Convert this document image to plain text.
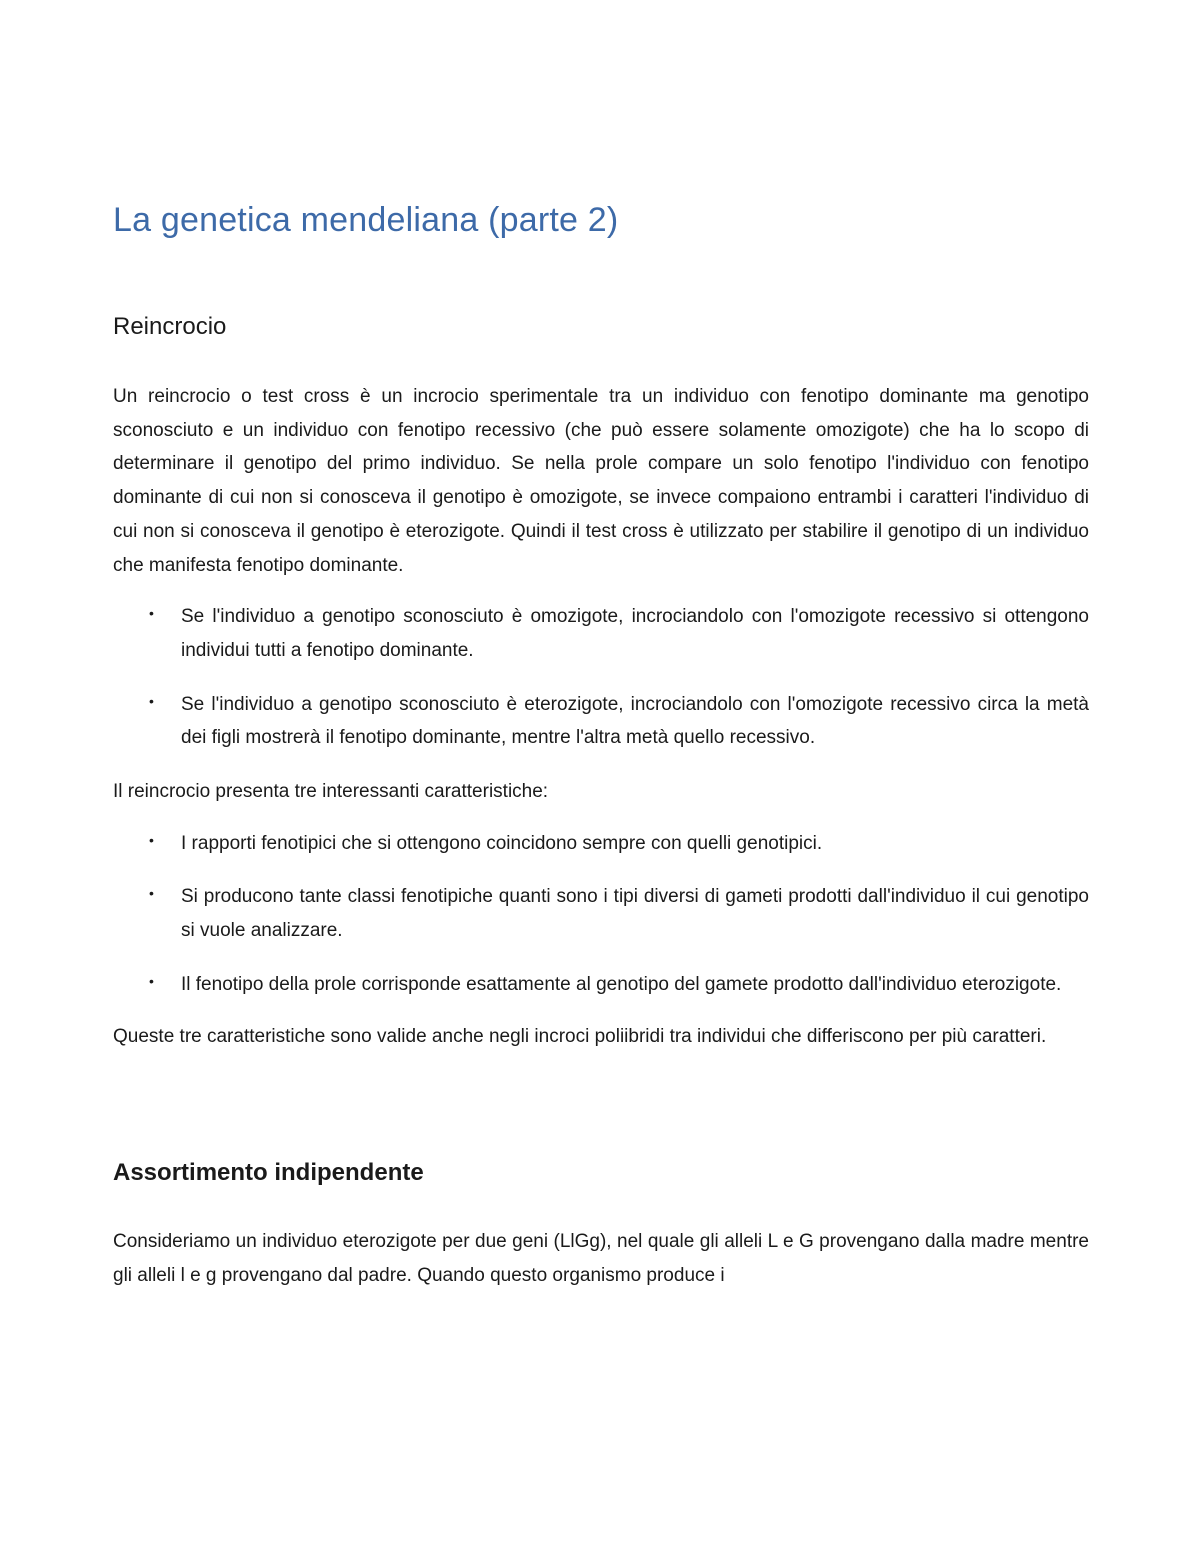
La genetica mendeliana (parte 2)
Reincrocio

Un reincrocio o test cross è un incrocio sperimentale tra un individuo con fenotipo dominante ma genotipo sconosciuto e un individuo con fenotipo recessivo (che può essere solamente omozigote) che ha lo scopo di determinare il genotipo del primo individuo. Se nella prole compare un solo fenotipo l'individuo con fenotipo dominante di cui non si conosceva il genotipo è omozigote, se invece compaiono entrambi i caratteri l'individuo di cui non si conosceva il genotipo è eterozigote. Quindi il test cross è utilizzato per stabilire il genotipo di un individuo che manifesta fenotipo dominante.

• Se l'individuo a genotipo sconosciuto è omozigote, incrociandolo con l'omozigote recessivo si ottengono individui tutti a fenotipo dominante.
• Se l'individuo a genotipo sconosciuto è eterozigote, incrociandolo con l'omozigote recessivo circa la metà dei figli mostrerà il fenotipo dominante, mentre l'altra metà quello recessivo.

Il reincrocio presenta tre interessanti caratteristiche:

• I rapporti fenotipici che si ottengono coincidono sempre con quelli genotipici.
• Si producono tante classi fenotipiche quanti sono i tipi diversi di gameti prodotti dall'individuo il cui genotipo si vuole analizzare.
• Il fenotipo della prole corrisponde esattamente al genotipo del gamete prodotto dall'individuo eterozigote.

Queste tre caratteristiche sono valide anche negli incroci poliibridi tra individui che differiscono per più caratteri.

Assortimento indipendente

Consideriamo un individuo eterozigote per due geni (LlGg), nel quale gli alleli L e G provengano dalla madre mentre gli alleli l e g provengano dal padre. Quando questo organismo produce i
